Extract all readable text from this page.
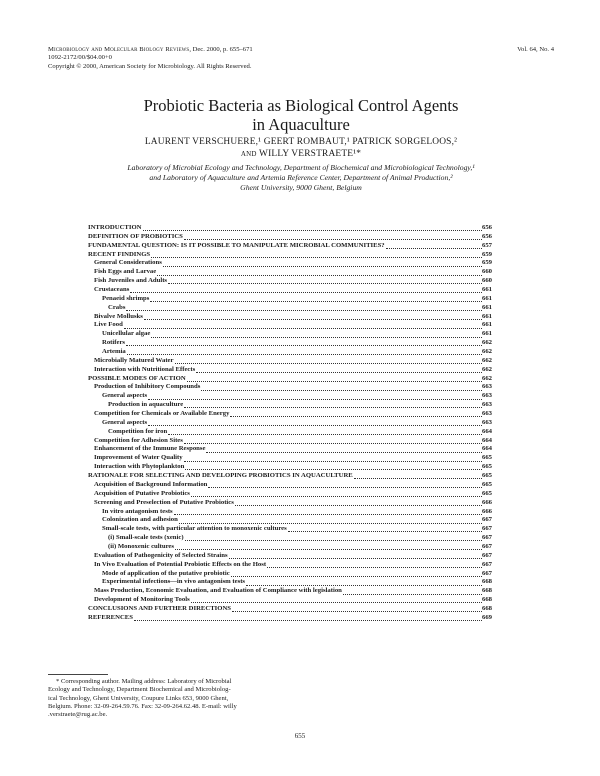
Microbiology and Molecular Biology Reviews, Dec. 2000, p. 655–671	Vol. 64, No. 4
1092-2172/00/$04.00+0
Copyright © 2000, American Society for Microbiology. All Rights Reserved.
Probiotic Bacteria as Biological Control Agents
in Aquaculture
LAURENT VERSCHUERE,¹ GEERT ROMBAUT,¹ PATRICK SORGELOOS,²
AND WILLY VERSTRAETE¹*
Laboratory of Microbial Ecology and Technology, Department of Biochemical and Microbiological Technology,¹
and Laboratory of Aquaculture and Artemia Reference Center, Department of Animal Production,²
Ghent University, 9000 Ghent, Belgium
INTRODUCTION	656
DEFINITION OF PROBIOTICS	656
FUNDAMENTAL QUESTION: IS IT POSSIBLE TO MANIPULATE MICROBIAL COMMUNITIES?	657
RECENT FINDINGS	659
General Considerations	659
Fish Eggs and Larvae	660
Fish Juveniles and Adults	660
Crustaceans	661
Penaeid shrimps	661
Crabs	661
Bivalve Mollusks	661
Live Food	661
Unicellular algae	661
Rotifers	662
Artemia	662
Microbially Matured Water	662
Interaction with Nutritional Effects	662
POSSIBLE MODES OF ACTION	662
Production of Inhibitory Compounds	663
General aspects	663
Production in aquaculture	663
Competition for Chemicals or Available Energy	663
General aspects	663
Competition for iron	664
Competition for Adhesion Sites	664
Enhancement of the Immune Response	664
Improvement of Water Quality	665
Interaction with Phytoplankton	665
RATIONALE FOR SELECTING AND DEVELOPING PROBIOTICS IN AQUACULTURE	665
Acquisition of Background Information	665
Acquisition of Putative Probiotics	665
Screening and Preselection of Putative Probiotics	666
In vitro antagonism tests	666
Colonization and adhesion	667
Small-scale tests, with particular attention to monoxenic cultures	667
(i) Small-scale tests (xenic)	667
(ii) Monoxenic cultures	667
Evaluation of Pathogenicity of Selected Strains	667
In Vivo Evaluation of Potential Probiotic Effects on the Host	667
Mode of application of the putative probiotic	667
Experimental infections—in vivo antagonism tests	668
Mass Production, Economic Evaluation, and Evaluation of Compliance with legislation	668
Development of Monitoring Tools	668
CONCLUSIONS AND FURTHER DIRECTIONS	668
REFERENCES	669

* Corresponding author. Mailing address: Laboratory of Microbial

Ecology and Technology, Department Biochemical and Microbiolog-
ical Technology, Ghent University, Coupure Links 653, 9000 Ghent,
Belgium. Phone: 32-09-264.59.76. Fax: 32-09-264.62.48. E-mail: willy
.verstraete@rug.ac.be.
655
